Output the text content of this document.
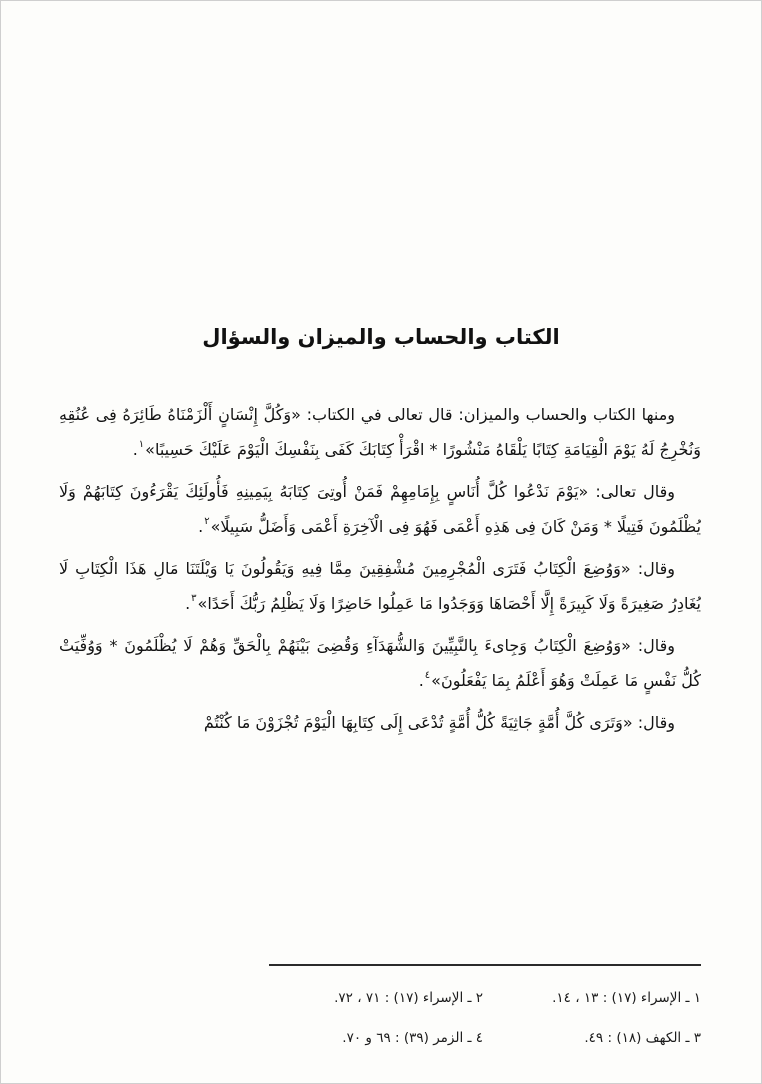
الكتاب والحساب والميزان والسؤال

ومنها الكتاب والحساب والميزان: قال تعالى في الكتاب: «وَكُلَّ إِنْسَانٍ أَلْزَمْنَاهُ طَائِرَهُ فِى عُنُقِهِ وَنُخْرِجُ لَهُ يَوْمَ الْقِيَامَةِ كِتَابًا يَلْقَاهُ مَنْشُورًا * اقْرَأْ كِتَابَكَ كَفَى بِنَفْسِكَ الْيَوْمَ عَلَيْكَ حَسِيبًا»$^١$.

وقال تعالى: «يَوْمَ نَدْعُوا كُلَّ أُنَاسٍ بِإِمَامِهِمْ فَمَنْ أُوتِىَ كِتَابَهُ بِيَمِينِهِ فَأُولَئِكَ يَقْرَءُونَ كِتَابَهُمْ وَلَا يُظْلَمُونَ فَتِيلًا * وَمَنْ كَانَ فِى هَذِهِ أَعْمَى فَهُوَ فِى الْآخِرَةِ أَعْمَى وَأَضَلُّ سَبِيلًا»$^٢$.

وقال: «وَوُضِعَ الْكِتَابُ فَتَرَى الْمُجْرِمِينَ مُشْفِقِينَ مِمَّا فِيهِ وَيَقُولُونَ يَا وَيْلَتَنَا مَالِ هَذَا الْكِتَابِ لَا يُغَادِرُ صَغِيرَةً وَلَا كَبِيرَةً إِلَّا أَحْصَاهَا وَوَجَدُوا مَا عَمِلُوا حَاضِرًا وَلَا يَظْلِمُ رَبُّكَ أَحَدًا»$^٣$.

وقال: «وَوُضِعَ الْكِتَابُ وَجِاىءَ بِالنَّبِيِّينَ وَالشُّهَدَآءِ وَقُضِىَ بَيْنَهُمْ بِالْحَقِّ وَهُمْ لَا يُظْلَمُونَ * وَوُفِّيَتْ كُلُّ نَفْسٍ مَا عَمِلَتْ وَهُوَ أَعْلَمُ بِمَا يَفْعَلُونَ»$^٤$.

وقال: «وَتَرَى كُلَّ أُمَّةٍ جَاثِيَةً كُلُّ أُمَّةٍ تُدْعَى إِلَى كِتَابِهَا الْيَوْمَ تُجْزَوْنَ مَا كُنْتُمْ

١ ـ الإسراء (١٧) : ١٣ ، ١٤.
٣ ـ الكهف (١٨) : ٤٩.
٢ ـ الإسراء (١٧) : ٧١ ، ٧٢.
٤ ـ الزمر (٣٩) : ٦٩ و ٧٠.
